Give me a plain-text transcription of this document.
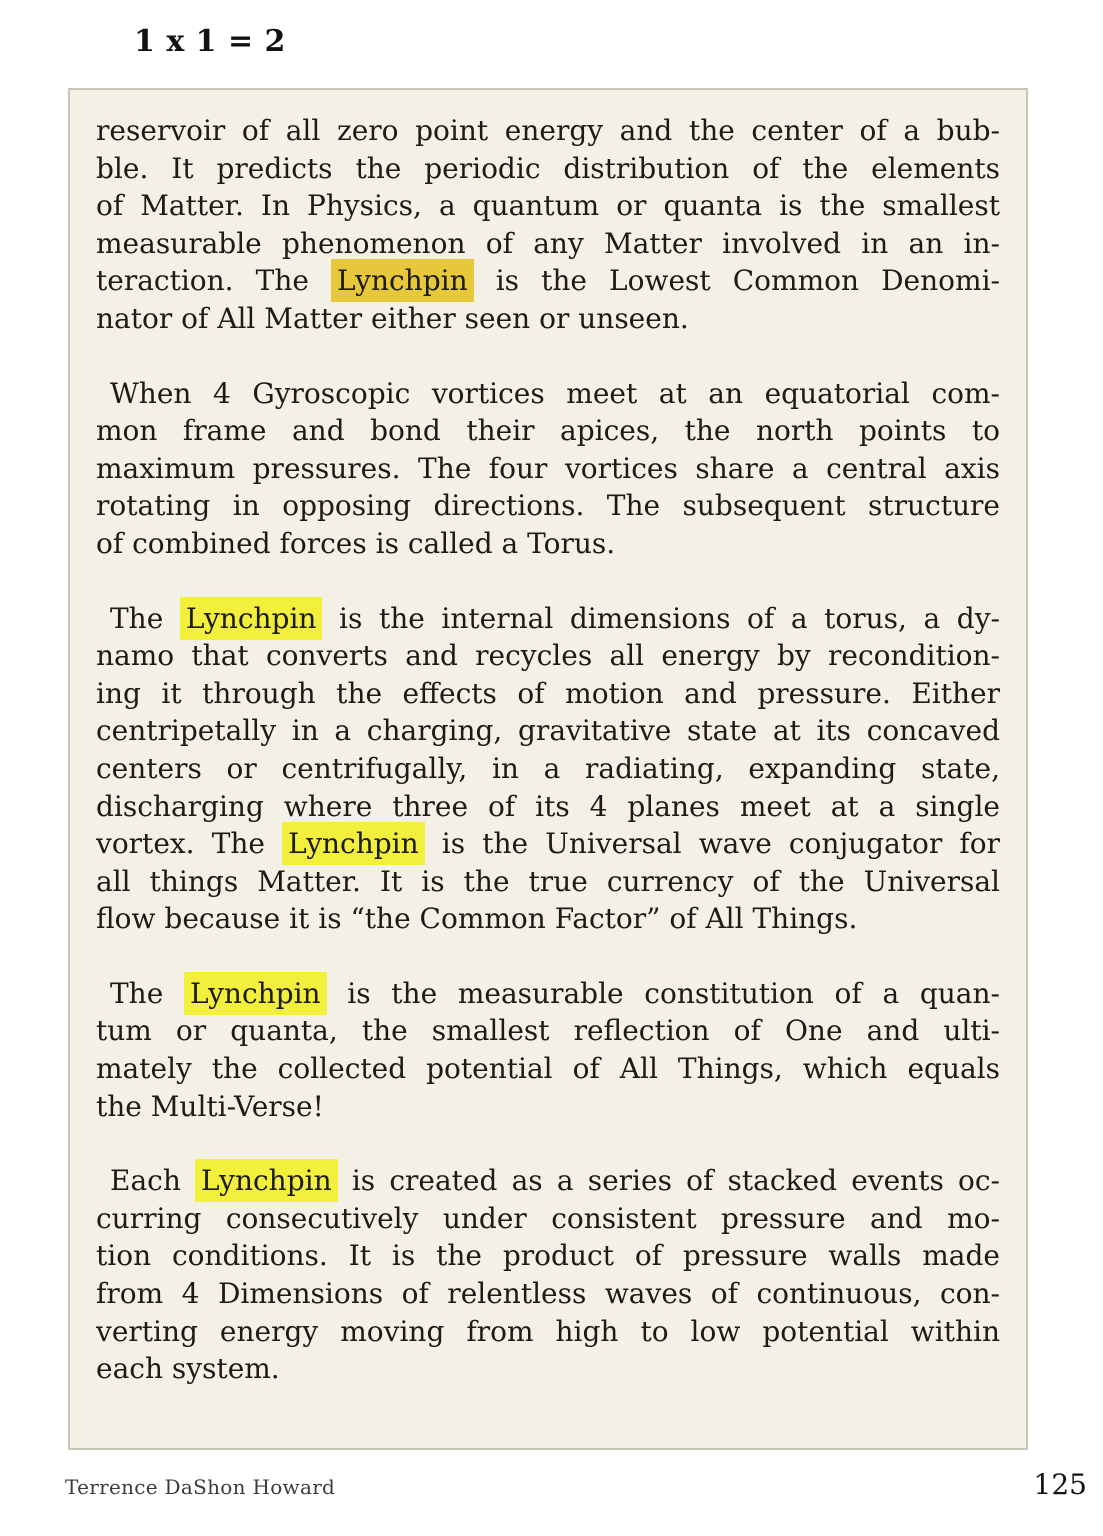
1 x 1 = 2
reservoir of all zero point energy and the center of a bub-
ble. It predicts the periodic distribution of the elements
of Matter. In Physics, a quantum or quanta is the smallest
measurable phenomenon of any Matter involved in an in-
teraction. The Lynchpin is the Lowest Common Denomi-
nator of All Matter either seen or unseen.
When 4 Gyroscopic vortices meet at an equatorial com-
mon frame and bond their apices, the north points to
maximum pressures. The four vortices share a central axis
rotating in opposing directions. The subsequent structure
of combined forces is called a Torus.
The Lynchpin is the internal dimensions of a torus, a dy-
namo that converts and recycles all energy by recondition-
ing it through the effects of motion and pressure. Either
centripetally in a charging, gravitative state at its concaved
centers or centrifugally, in a radiating, expanding state,
discharging where three of its 4 planes meet at a single
vortex. The Lynchpin is the Universal wave conjugator for
all things Matter. It is the true currency of the Universal
flow because it is “the Common Factor” of All Things.
The Lynchpin is the measurable constitution of a quan-
tum or quanta, the smallest reflection of One and ulti-
mately the collected potential of All Things, which equals
the Multi-Verse!
Each Lynchpin is created as a series of stacked events oc-
curring consecutively under consistent pressure and mo-
tion conditions. It is the product of pressure walls made
from 4 Dimensions of relentless waves of continuous, con-
verting energy moving from high to low potential within
each system.
Terrence DaShon Howard	125
